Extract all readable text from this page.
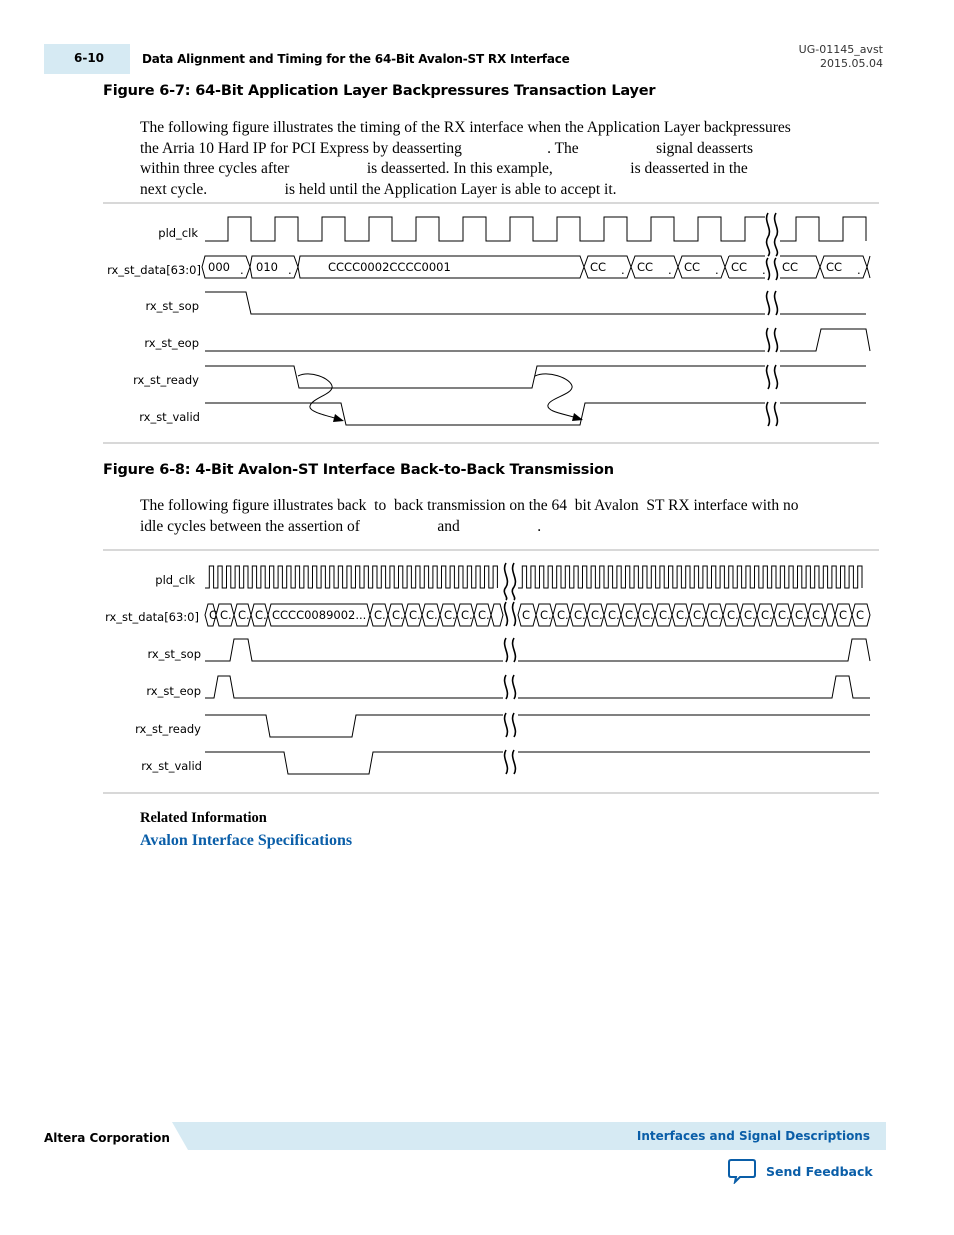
6-10	Data Alignment and Timing for the 64-Bit Avalon-ST RX Interface
UG-01145_avst
2015.05.04
Figure 6-7: 64-Bit Application Layer Backpressures Transaction Layer
The following figure illustrates the timing of the RX interface when the Application Layer backpressures
the Arria 10 Hard IP for PCI Express by deasserting                      . The                    signal deasserts
within three cycles after                    is deasserted. In this example,                    is deasserted in the
next cycle.                    is held until the Application Layer is able to accept it.
pld_clk
rx_st_data[63:0]
rx_st_sop
rx_st_eop
rx_st_ready
rx_st_valid
000 . 010 .	CCCC0002CCCC0001	CC . CC . CC . CC . CC CC .
Figure 6-8: 4-Bit Avalon-ST Interface Back-to-Back Transmission
The following figure illustrates back  to  back transmission on the 64  bit Avalon  ST RX interface with no
idle cycles between the assertion of                    and                    .
pld_clk
rx_st_data[63:0]
rx_st_sop
rx_st_eop
rx_st_ready
rx_st_valid
C C. C. C. CCCC0089002... C. C. C. C. C. C. C.	C C. C. C. C. C. C. C. C. C. C. C. C. C. C. C. C. C. C C
Related Information
Avalon Interface Specifications
Altera Corporation	Interfaces and Signal Descriptions
Send Feedback
